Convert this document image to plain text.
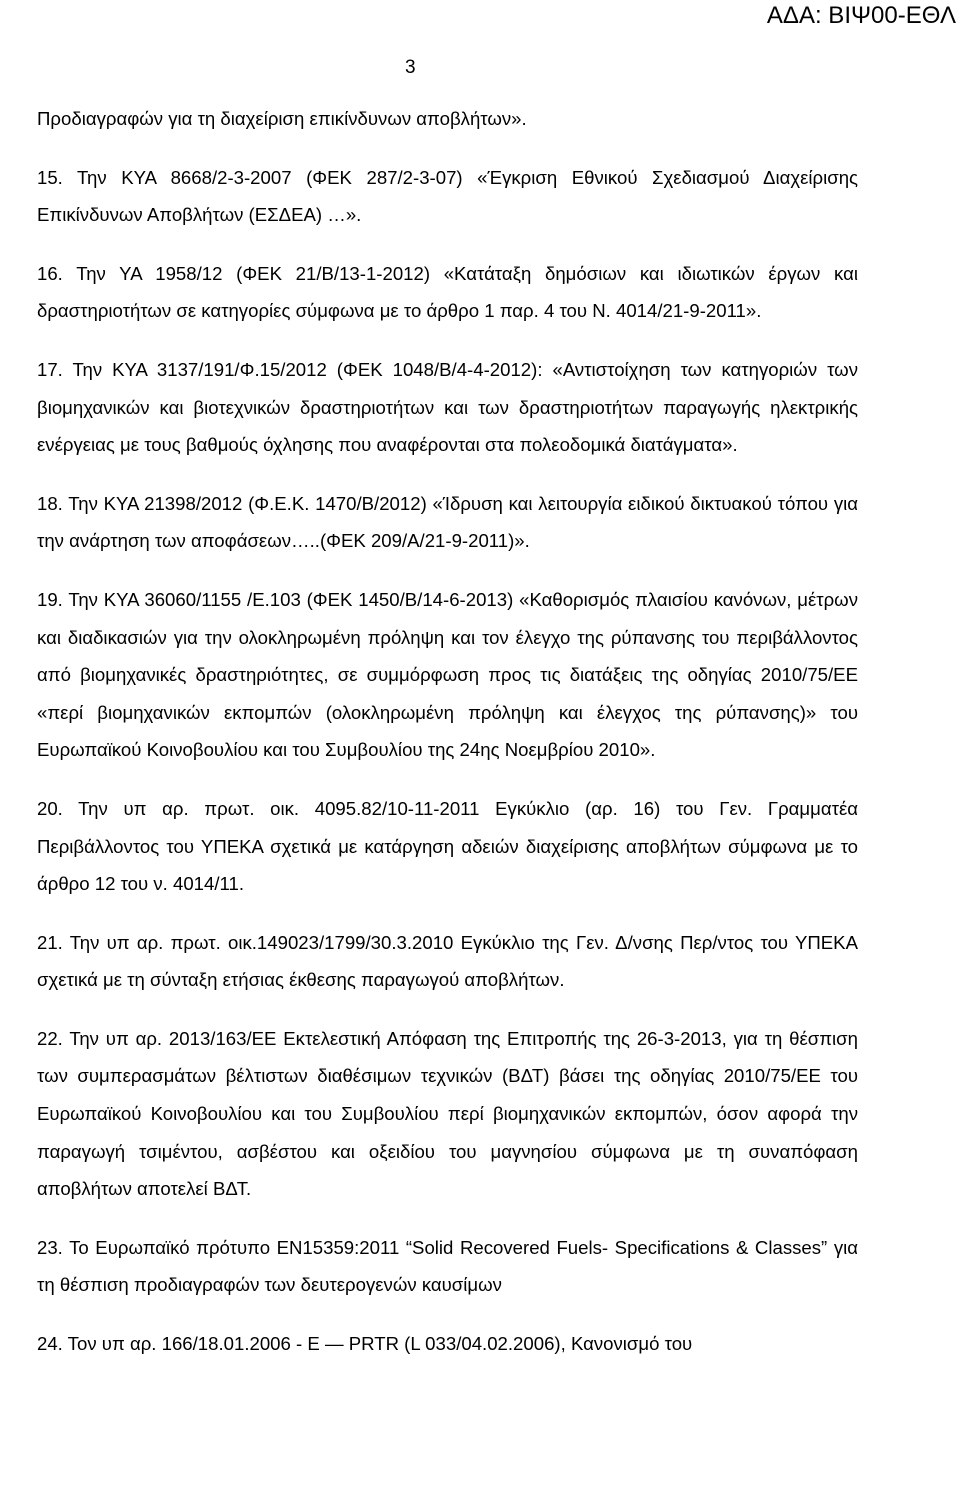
ΑΔΑ: ΒΙΨ00-ΕΘΛ
3

Προδιαγραφών για τη διαχείριση επικίνδυνων αποβλήτων».

15. Την ΚΥΑ 8668/2-3-2007 (ΦΕΚ 287/2-3-07) «Έγκριση Εθνικού Σχεδιασμού Διαχείρισης Επικίνδυνων Αποβλήτων (ΕΣΔΕΑ) …».

16. Την ΥΑ 1958/12 (ΦΕΚ 21/Β/13-1-2012) «Κατάταξη δημόσιων και ιδιωτικών έργων και δραστηριοτήτων σε κατηγορίες σύμφωνα με το άρθρο 1 παρ. 4 του Ν. 4014/21-9-2011».

17. Την ΚΥΑ 3137/191/Φ.15/2012 (ΦΕΚ 1048/Β/4-4-2012): «Αντιστοίχηση των κατηγοριών των βιομηχανικών και βιοτεχνικών δραστηριοτήτων και των δραστηριοτήτων παραγωγής ηλεκτρικής ενέργειας με τους βαθμούς όχλησης που αναφέρονται στα πολεοδομικά διατάγματα».

18. Την ΚΥΑ 21398/2012 (Φ.Ε.Κ. 1470/Β/2012) «Ίδρυση και λειτουργία ειδικού δικτυακού τόπου για την ανάρτηση των αποφάσεων…..(ΦΕΚ 209/Α/21-9-2011)».

19. Την ΚΥΑ 36060/1155 /Ε.103 (ΦΕΚ 1450/Β/14-6-2013) «Καθορισμός πλαισίου κανόνων, μέτρων και διαδικασιών για την ολοκληρωμένη πρόληψη και τον έλεγχο της ρύπανσης του περιβάλλοντος από βιομηχανικές δραστηριότητες, σε συμμόρφωση προς τις διατάξεις της οδηγίας 2010/75/ΕΕ «περί βιομηχανικών εκπομπών (ολοκληρωμένη πρόληψη και έλεγχος της ρύπανσης)» του Ευρωπαϊκού Κοινοβουλίου και του Συμβουλίου της 24ης Νοεμβρίου 2010».

20. Την υπ αρ. πρωτ. οικ. 4095.82/10-11-2011 Εγκύκλιο (αρ. 16) του Γεν. Γραμματέα Περιβάλλοντος του ΥΠΕΚΑ σχετικά με κατάργηση αδειών διαχείρισης αποβλήτων σύμφωνα με το άρθρο 12 του ν. 4014/11.

21. Την υπ αρ. πρωτ. οικ.149023/1799/30.3.2010 Εγκύκλιο της Γεν. Δ/νσης Περ/ντος του ΥΠΕΚΑ σχετικά με τη σύνταξη ετήσιας έκθεσης παραγωγού αποβλήτων.

22. Την υπ αρ. 2013/163/ΕΕ Εκτελεστική Απόφαση της Επιτροπής της 26-3-2013, για τη θέσπιση των συμπερασμάτων βέλτιστων διαθέσιμων τεχνικών (ΒΔΤ) βάσει της οδηγίας 2010/75/ΕΕ του Ευρωπαϊκού Κοινοβουλίου και του Συμβουλίου περί βιομηχανικών εκπομπών, όσον αφορά την παραγωγή τσιμέντου, ασβέστου και οξειδίου του μαγνησίου σύμφωνα με τη συναπόφαση αποβλήτων αποτελεί ΒΔΤ.

23. Το Ευρωπαϊκό πρότυπο ΕΝ15359:2011 “Solid Recovered Fuels- Specifications & Classes” για τη θέσπιση προδιαγραφών των δευτερογενών καυσίμων

24. Τον υπ αρ. 166/18.01.2006 - Ε — PRTR (L 033/04.02.2006), Κανονισμό του
